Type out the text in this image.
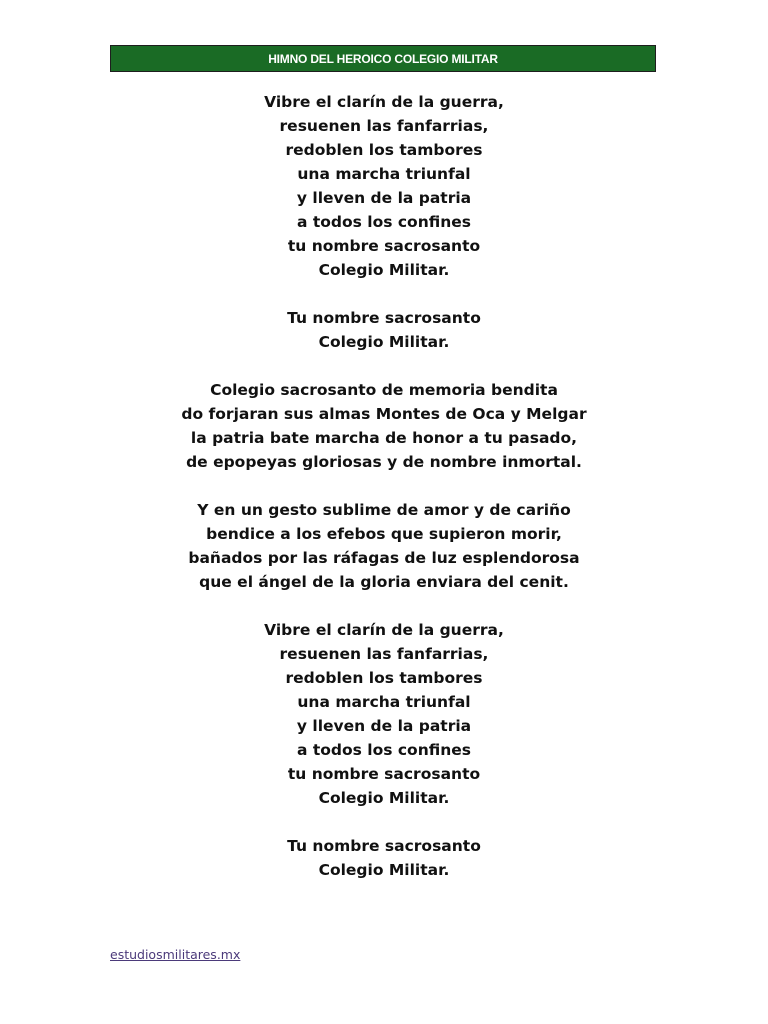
HIMNO DEL HEROICO COLEGIO MILITAR
Vibre el clarín de la guerra,
resuenen las fanfarrias,
redoblen los tambores
una marcha triunfal
y lleven de la patria
a todos los confines
tu nombre sacrosanto
Colegio Militar.
Tu nombre sacrosanto
Colegio Militar.
Colegio sacrosanto de memoria bendita
do forjaran sus almas Montes de Oca y Melgar
la patria bate marcha de honor a tu pasado,
de epopeyas gloriosas y de nombre inmortal.
Y en un gesto sublime de amor y de cariño
bendice a los efebos que supieron morir,
bañados por las ráfagas de luz esplendorosa
que el ángel de la gloria enviara del cenit.
Vibre el clarín de la guerra,
resuenen las fanfarrias,
redoblen los tambores
una marcha triunfal
y lleven de la patria
a todos los confines
tu nombre sacrosanto
Colegio Militar.
Tu nombre sacrosanto
Colegio Militar.
estudiosmilitares.mx
